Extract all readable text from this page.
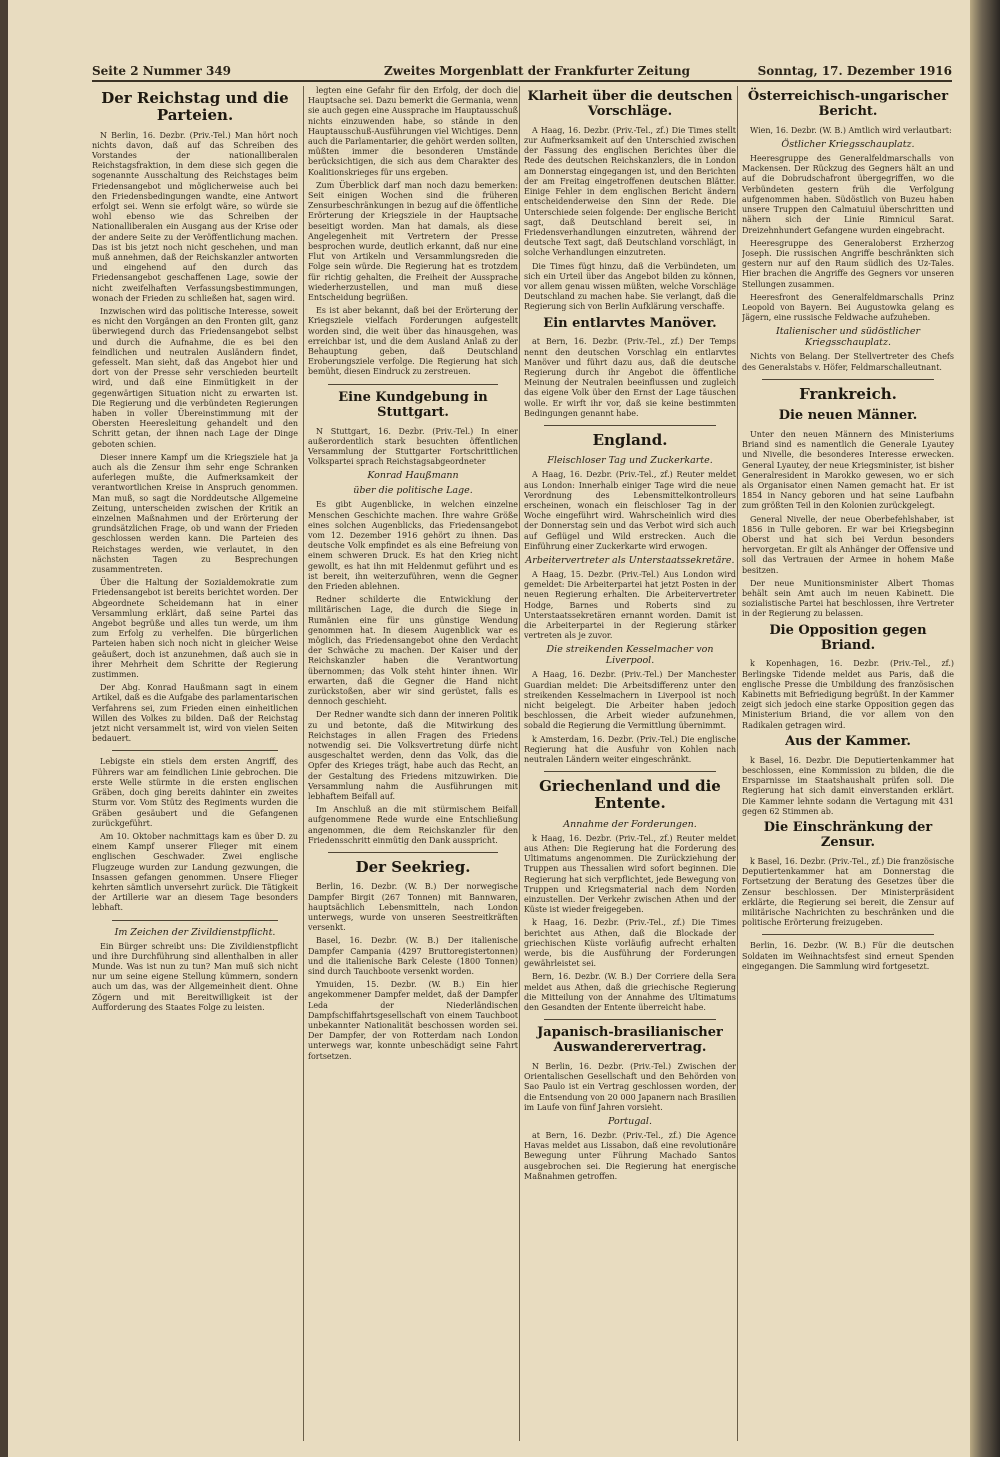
Seite 2 Nummer 349	Zweites Morgenblatt der Frankfurter Zeitung	Sonntag, 17. Dezember 1916
Der Reichstag und die Parteien.

N Berlin, 16. Dezbr. (Priv.-Tel.) Man hört noch nichts davon, daß auf das Schreiben des Vorstandes der nationalliberalen Reichstagsfraktion, in dem diese sich gegen die sogenannte Ausschaltung des Reichstages beim Friedensangebot und möglicherweise auch bei den Friedensbedingungen wandte, eine Antwort erfolgt sei. Wenn sie erfolgt wäre, so würde sie wohl ebenso wie das Schreiben der Nationalliberalen ein Ausgang aus der Krise oder der andere Seite zu der Veröffentlichung machen. Das ist bis jetzt noch nicht geschehen, und man muß annehmen, daß der Reichskanzler antworten und eingehend auf den durch das Friedensangebot geschaffenen Lage, sowie der nicht zweifelhaften Verfassungsbestimmungen, wonach der Frieden zu schließen hat, sagen wird.

Inzwischen wird das politische Interesse, soweit es nicht den Vorgängen an den Fronten gilt, ganz überwiegend durch das Friedensangebot selbst und durch die Aufnahme, die es bei den feindlichen und neutralen Ausländern findet, gefesselt. Man sieht, daß das Angebot hier und dort von der Presse sehr verschieden beurteilt wird, und daß eine Einmütigkeit in der gegenwärtigen Situation nicht zu erwarten ist. Die Regierung und die verbündeten Regierungen haben in voller Übereinstimmung mit der Obersten Heeresleitung gehandelt und den Schritt getan, der ihnen nach Lage der Dinge geboten schien.

Dieser innere Kampf um die Kriegsziele hat ja auch als die Zensur ihm sehr enge Schranken auferlegen mußte, die Aufmerksamkeit der verantwortlichen Kreise in Anspruch genommen. Man muß, so sagt die Norddeutsche Allgemeine Zeitung, unterscheiden zwischen der Kritik an einzelnen Maßnahmen und der Erörterung der grundsätzlichen Frage, ob und wann der Frieden geschlossen werden kann. Die Parteien des Reichstages werden, wie verlautet, in den nächsten Tagen zu Besprechungen zusammentreten.

Über die Haltung der Sozialdemokratie zum Friedensangebot ist bereits berichtet worden. Der Abgeordnete Scheidemann hat in einer Versammlung erklärt, daß seine Partei das Angebot begrüße und alles tun werde, um ihm zum Erfolg zu verhelfen. Die bürgerlichen Parteien haben sich noch nicht in gleicher Weise geäußert, doch ist anzunehmen, daß auch sie in ihrer Mehrheit dem Schritte der Regierung zustimmen.

Der Abg. Konrad Haußmann sagt in einem Artikel, daß es die Aufgabe des parlamentarischen Verfahrens sei, zum Frieden einen einheitlichen Willen des Volkes zu bilden. Daß der Reichstag jetzt nicht versammelt ist, wird von vielen Seiten bedauert.

Lebigste ein stiels dem ersten Angriff, des Führers war am feindlichen Linie gebrochen. Die erste Welle stürmte in die ersten englischen Gräben, doch ging bereits dahinter ein zweites Sturm vor. Vom Stütz des Regiments wurden die Gräben gesäubert und die Gefangenen zurückgeführt.

Am 10. Oktober nachmittags kam es über D. zu einem Kampf unserer Flieger mit einem englischen Geschwader. Zwei englische Flugzeuge wurden zur Landung gezwungen, die Insassen gefangen genommen. Unsere Flieger kehrten sämtlich unversehrt zurück. Die Tätigkeit der Artillerie war an diesem Tage besonders lebhaft.

Im Zeichen der Zivildienstpflicht.

Ein Bürger schreibt uns: Die Zivildienstpflicht und ihre Durchführung sind allenthalben in aller Munde. Was ist nun zu tun? Man muß sich nicht nur um seine eigene Stellung kümmern, sondern auch um das, was der Allgemeinheit dient. Ohne Zögern und mit Bereitwilligkeit ist der Aufforderung des Staates Folge zu leisten.

legten eine Gefahr für den Erfolg, der doch die Hauptsache sei. Dazu bemerkt die Germania, wenn sie auch gegen eine Aussprache im Hauptausschuß nichts einzuwenden habe, so stände in den Hauptausschuß-Ausführungen viel Wichtiges. Denn auch die Parlamentarier, die gehört werden sollten, müßten immer die besonderen Umstände berücksichtigen, die sich aus dem Charakter des Koalitionskrieges für uns ergeben.

Zum Überblick darf man noch dazu bemerken: Seit einigen Wochen sind die früheren Zensurbeschränkungen in bezug auf die öffentliche Erörterung der Kriegsziele in der Hauptsache beseitigt worden. Man hat damals, als diese Angelegenheit mit Vertretern der Presse besprochen wurde, deutlich erkannt, daß nur eine Flut von Artikeln und Versammlungsreden die Folge sein würde. Die Regierung hat es trotzdem für richtig gehalten, die Freiheit der Aussprache wiederherzustellen, und man muß diese Entscheidung begrüßen.

Es ist aber bekannt, daß bei der Erörterung der Kriegsziele vielfach Forderungen aufgestellt worden sind, die weit über das hinausgehen, was erreichbar ist, und die dem Ausland Anlaß zu der Behauptung geben, daß Deutschland Eroberungsziele verfolge. Die Regierung hat sich bemüht, diesen Eindruck zu zerstreuen.

Eine Kundgebung in Stuttgart.

N Stuttgart, 16. Dezbr. (Priv.-Tel.) In einer außerordentlich stark besuchten öffentlichen Versammlung der Stuttgarter Fortschrittlichen Volkspartei sprach Reichstagsabgeordneter

Konrad Haußmann
über die politische Lage.

Es gibt Augenblicke, in welchen einzelne Menschen Geschichte machen. Ihre wahre Größe eines solchen Augenblicks, das Friedensangebot vom 12. Dezember 1916 gehört zu ihnen. Das deutsche Volk empfindet es als eine Befreiung von einem schweren Druck. Es hat den Krieg nicht gewollt, es hat ihn mit Heldenmut geführt und es ist bereit, ihn weiterzuführen, wenn die Gegner den Frieden ablehnen.

Redner schilderte die Entwicklung der militärischen Lage, die durch die Siege in Rumänien eine für uns günstige Wendung genommen hat. In diesem Augenblick war es möglich, das Friedensangebot ohne den Verdacht der Schwäche zu machen. Der Kaiser und der Reichskanzler haben die Verantwortung übernommen; das Volk steht hinter ihnen. Wir erwarten, daß die Gegner die Hand nicht zurückstoßen, aber wir sind gerüstet, falls es dennoch geschieht.

Der Redner wandte sich dann der inneren Politik zu und betonte, daß die Mitwirkung des Reichstages in allen Fragen des Friedens notwendig sei. Die Volksvertretung dürfe nicht ausgeschaltet werden, denn das Volk, das die Opfer des Krieges trägt, habe auch das Recht, an der Gestaltung des Friedens mitzuwirken. Die Versammlung nahm die Ausführungen mit lebhaftem Beifall auf.

Im Anschluß an die mit stürmischem Beifall aufgenommene Rede wurde eine Entschließung angenommen, die dem Reichskanzler für den Friedensschritt einmütig den Dank ausspricht.

Der Seekrieg.

Berlin, 16. Dezbr. (W. B.) Der norwegische Dampfer Birgit (267 Tonnen) mit Bannwaren, hauptsächlich Lebensmitteln, nach London unterwegs, wurde von unseren Seestreitkräften versenkt.

Basel, 16. Dezbr. (W. B.) Der italienische Dampfer Campania (4297 Bruttoregistertonnen) und die italienische Bark Celeste (1800 Tonnen) sind durch Tauchboote versenkt worden.

Ymuiden, 15. Dezbr. (W. B.) Ein hier angekommener Dampfer meldet, daß der Dampfer Leda der Niederländischen Dampfschiffahrtsgesellschaft von einem Tauchboot unbekannter Nationalität beschossen worden sei. Der Dampfer, der von Rotterdam nach London unterwegs war, konnte unbeschädigt seine Fahrt fortsetzen.

Klarheit über die deutschen Vorschläge.

A Haag, 16. Dezbr. (Priv.-Tel., zf.) Die Times stellt zur Aufmerksamkeit auf den Unterschied zwischen der Fassung des englischen Berichtes über die Rede des deutschen Reichskanzlers, die in London am Donnerstag eingegangen ist, und den Berichten der am Freitag eingetroffenen deutschen Blätter. Einige Fehler in dem englischen Bericht ändern entscheidenderweise den Sinn der Rede. Die Unterschiede seien folgende: Der englische Bericht sagt, daß Deutschland bereit sei, in Friedensverhandlungen einzutreten, während der deutsche Text sagt, daß Deutschland vorschlägt, in solche Verhandlungen einzutreten.

Die Times fügt hinzu, daß die Verbündeten, um sich ein Urteil über das Angebot bilden zu können, vor allem genau wissen müßten, welche Vorschläge Deutschland zu machen habe. Sie verlangt, daß die Regierung sich von Berlin Aufklärung verschaffe.

Ein entlarvtes Manöver.

at Bern, 16. Dezbr. (Priv.-Tel., zf.) Der Temps nennt den deutschen Vorschlag ein entlarvtes Manöver und führt dazu aus, daß die deutsche Regierung durch ihr Angebot die öffentliche Meinung der Neutralen beeinflussen und zugleich das eigene Volk über den Ernst der Lage täuschen wolle. Er wirft ihr vor, daß sie keine bestimmten Bedingungen genannt habe.

England.
Fleischloser Tag und Zuckerkarte.

A Haag, 16. Dezbr. (Priv.-Tel., zf.) Reuter meldet aus London: Innerhalb einiger Tage wird die neue Verordnung des Lebensmittelkontrolleurs erscheinen, wonach ein fleischloser Tag in der Woche eingeführt wird. Wahrscheinlich wird dies der Donnerstag sein und das Verbot wird sich auch auf Geflügel und Wild erstrecken. Auch die Einführung einer Zuckerkarte wird erwogen.

Arbeitervertreter als Unterstaatssekretäre.

A Haag, 15. Dezbr. (Priv.-Tel.) Aus London wird gemeldet: Die Arbeiterpartei hat jetzt Posten in der neuen Regierung erhalten. Die Arbeitervertreter Hodge, Barnes und Roberts sind zu Unterstaatssekretären ernannt worden. Damit ist die Arbeiterpartei in der Regierung stärker vertreten als je zuvor.

Die streikenden Kesselmacher von Liverpool.

A Haag, 16. Dezbr. (Priv.-Tel.) Der Manchester Guardian meldet: Die Arbeitsdifferenz unter den streikenden Kesselmachern in Liverpool ist noch nicht beigelegt. Die Arbeiter haben jedoch beschlossen, die Arbeit wieder aufzunehmen, sobald die Regierung die Vermittlung übernimmt.

k Amsterdam, 16. Dezbr. (Priv.-Tel.) Die englische Regierung hat die Ausfuhr von Kohlen nach neutralen Ländern weiter eingeschränkt.

Griechenland und die Entente.
Annahme der Forderungen.

k Haag, 16. Dezbr. (Priv.-Tel., zf.) Reuter meldet aus Athen: Die Regierung hat die Forderung des Ultimatums angenommen. Die Zurückziehung der Truppen aus Thessalien wird sofort beginnen. Die Regierung hat sich verpflichtet, jede Bewegung von Truppen und Kriegsmaterial nach dem Norden einzustellen. Der Verkehr zwischen Athen und der Küste ist wieder freigegeben.

k Haag, 16. Dezbr. (Priv.-Tel., zf.) Die Times berichtet aus Athen, daß die Blockade der griechischen Küste vorläufig aufrecht erhalten werde, bis die Ausführung der Forderungen gewährleistet sei.

Bern, 16. Dezbr. (W. B.) Der Corriere della Sera meldet aus Athen, daß die griechische Regierung die Mitteilung von der Annahme des Ultimatums den Gesandten der Entente überreicht habe.

Japanisch-brasilianischer Auswanderervertrag.

N Berlin, 16. Dezbr. (Priv.-Tel.) Zwischen der Orientalischen Gesellschaft und den Behörden von Sao Paulo ist ein Vertrag geschlossen worden, der die Entsendung von 20 000 Japanern nach Brasilien im Laufe von fünf Jahren vorsieht.

Portugal.

at Bern, 16. Dezbr. (Priv.-Tel., zf.) Die Agence Havas meldet aus Lissabon, daß eine revolutionäre Bewegung unter Führung Machado Santos ausgebrochen sei. Die Regierung hat energische Maßnahmen getroffen.

Österreichisch-ungarischer Bericht.

Wien, 16. Dezbr. (W. B.) Amtlich wird verlautbart:

Östlicher Kriegsschauplatz.

Heeresgruppe des Generalfeldmarschalls von Mackensen. Der Rückzug des Gegners hält an und auf die Dobrudschafront übergegriffen, wo die Verbündeten gestern früh die Verfolgung aufgenommen haben. Südöstlich von Buzeu haben unsere Truppen den Calmatuiul überschritten und nähern sich der Linie Rimnicul Sarat. Dreizehnhundert Gefangene wurden eingebracht.

Heeresgruppe des Generaloberst Erzherzog Joseph. Die russischen Angriffe beschränkten sich gestern nur auf den Raum südlich des Uz-Tales. Hier brachen die Angriffe des Gegners vor unseren Stellungen zusammen.

Heeresfront des Generalfeldmarschalls Prinz Leopold von Bayern. Bei Augustowka gelang es Jägern, eine russische Feldwache aufzuheben.

Italienischer und südöstlicher Kriegsschauplatz.

Nichts von Belang. Der Stellvertreter des Chefs des Generalstabs v. Höfer, Feldmarschalleutnant.

Frankreich.
Die neuen Männer.

Unter den neuen Männern des Ministeriums Briand sind es namentlich die Generale Lyautey und Nivelle, die besonderes Interesse erwecken. General Lyautey, der neue Kriegsminister, ist bisher Generalresident in Marokko gewesen, wo er sich als Organisator einen Namen gemacht hat. Er ist 1854 in Nancy geboren und hat seine Laufbahn zum größten Teil in den Kolonien zurückgelegt.

General Nivelle, der neue Oberbefehlshaber, ist 1856 in Tulle geboren. Er war bei Kriegsbeginn Oberst und hat sich bei Verdun besonders hervorgetan. Er gilt als Anhänger der Offensive und soll das Vertrauen der Armee in hohem Maße besitzen.

Der neue Munitionsminister Albert Thomas behält sein Amt auch im neuen Kabinett. Die sozialistische Partei hat beschlossen, ihre Vertreter in der Regierung zu belassen.

Die Opposition gegen Briand.

k Kopenhagen, 16. Dezbr. (Priv.-Tel., zf.) Berlingske Tidende meldet aus Paris, daß die englische Presse die Umbildung des französischen Kabinetts mit Befriedigung begrüßt. In der Kammer zeigt sich jedoch eine starke Opposition gegen das Ministerium Briand, die vor allem von den Radikalen getragen wird.

Aus der Kammer.

k Basel, 16. Dezbr. Die Deputiertenkammer hat beschlossen, eine Kommission zu bilden, die die Ersparnisse im Staatshaushalt prüfen soll. Die Regierung hat sich damit einverstanden erklärt. Die Kammer lehnte sodann die Vertagung mit 431 gegen 62 Stimmen ab.

Die Einschränkung der Zensur.

k Basel, 16. Dezbr. (Priv.-Tel., zf.) Die französische Deputiertenkammer hat am Donnerstag die Fortsetzung der Beratung des Gesetzes über die Zensur beschlossen. Der Ministerpräsident erklärte, die Regierung sei bereit, die Zensur auf militärische Nachrichten zu beschränken und die politische Erörterung freizugeben.

Berlin, 16. Dezbr. (W. B.) Für die deutschen Soldaten im Weihnachtsfest sind erneut Spenden eingegangen. Die Sammlung wird fortgesetzt.
